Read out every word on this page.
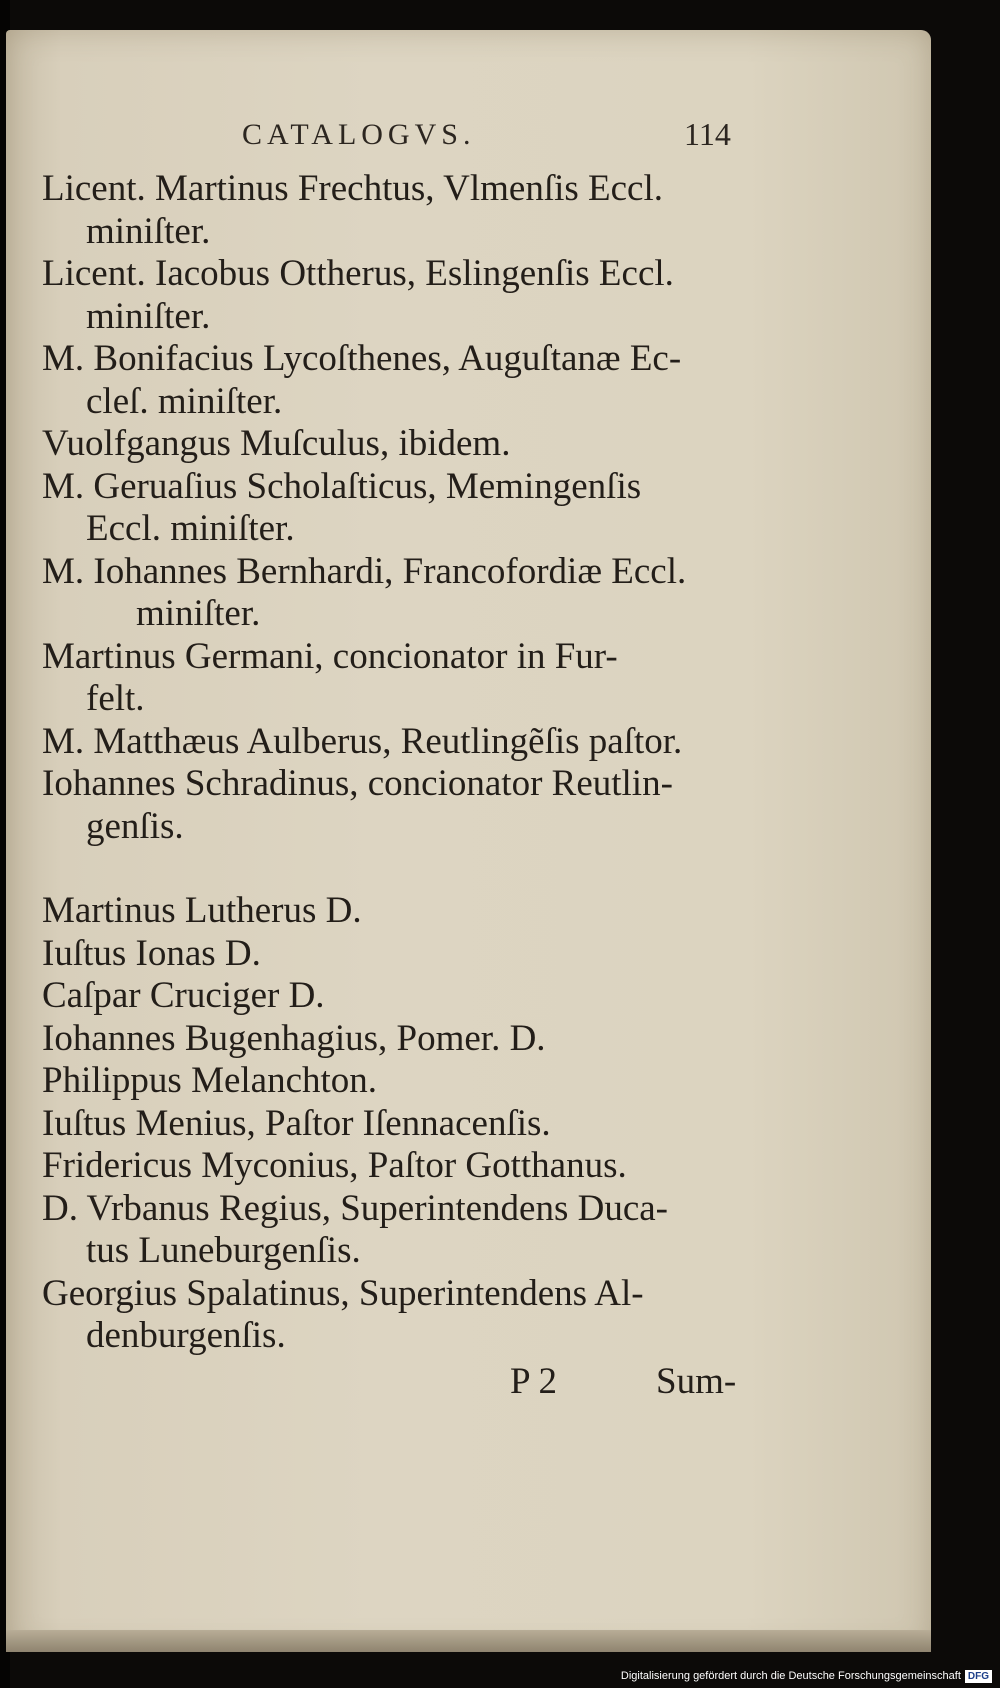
CATALOGVS.	114
Licent. Martinus Frechtus, Vlmenſis Eccl.
miniſter.
Licent. Iacobus Ottherus, Eslingenſis Eccl.
miniſter.
M. Bonifacius Lycoſthenes, Auguſtanæ Ec-
cleſ. miniſter.
Vuolfgangus Muſculus, ibidem.
M. Geruaſius Scholaſticus, Memingenſis
Eccl. miniſter.
M. Iohannes Bernhardi, Francofordiæ Eccl.
miniſter.
Martinus Germani, concionator in Fur-
felt.
M. Matthæus Aulberus, Reutlingẽſis paſtor.
Iohannes Schradinus, concionator Reutlin-
genſis.
Martinus Lutherus D.
Iuſtus Ionas D.
Caſpar Cruciger D.
Iohannes Bugenhagius, Pomer. D.
Philippus Melanchton.
Iuſtus Menius, Paſtor Iſennacenſis.
Fridericus Myconius, Paſtor Gotthanus.
D. Vrbanus Regius, Superintendens Duca-
tus Luneburgenſis.
Georgius Spalatinus, Superintendens Al-
denburgenſis.
P 2	Sum-
Digitalisierung gefördert durch die Deutsche Forschungsgemeinschaft DFG
